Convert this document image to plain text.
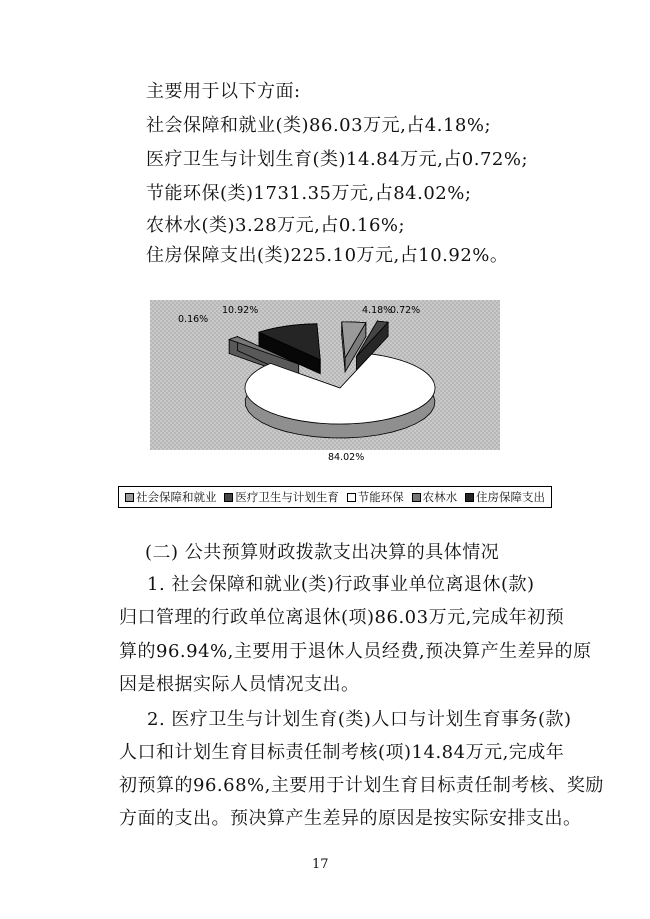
主要用于以下方面:
社会保障和就业(类)86.03万元,占4.18%;
医疗卫生与计划生育(类)14.84万元,占0.72%;
节能环保(类)1731.35万元,占84.02%;
农林水(类)3.28万元,占0.16%;
住房保障支出(类)225.10万元,占10.92%。
4.18%
0.72%
84.02%
0.16%
10.92%
社会保障和就业 医疗卫生与计划生育 节能环保 农林水 住房保障支出
(二) 公共预算财政拨款支出决算的具体情况
1. 社会保障和就业(类)行政事业单位离退休(款)
归口管理的行政单位离退休(项)86.03万元,完成年初预
算的96.94%,主要用于退休人员经费,预决算产生差异的原
因是根据实际人员情况支出。
2. 医疗卫生与计划生育(类)人口与计划生育事务(款)
人口和计划生育目标责任制考核(项)14.84万元,完成年
初预算的96.68%,主要用于计划生育目标责任制考核、奖励
方面的支出。预决算产生差异的原因是按实际安排支出。
17
